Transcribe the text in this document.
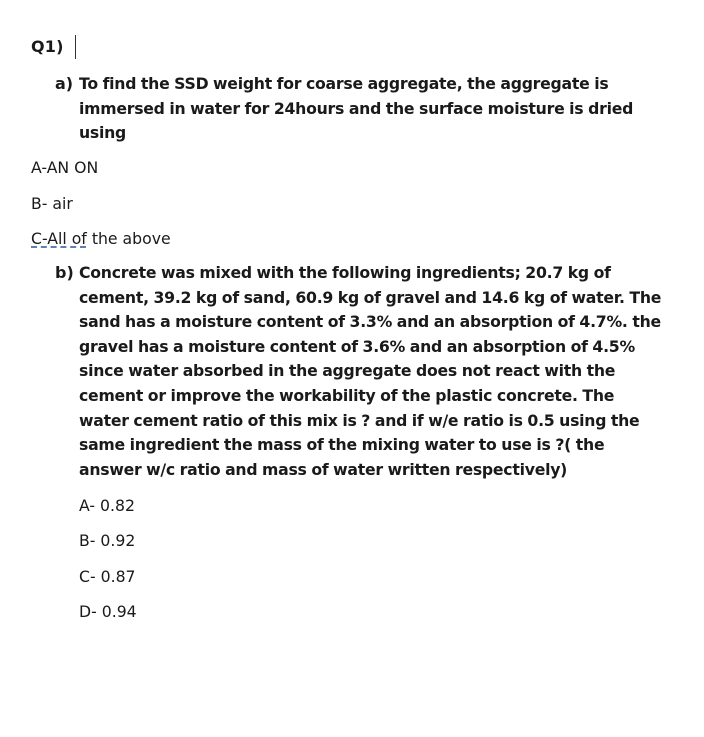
Q1)
a) To find the SSD weight for coarse aggregate, the aggregate is
immersed in water for 24hours and the surface moisture is dried
using
A-AN ON
B- air
C-All of the above
b) Concrete was mixed with the following ingredients; 20.7 kg of
cement, 39.2 kg of sand, 60.9 kg of gravel and 14.6 kg of water. The
sand has a moisture content of 3.3% and an absorption of 4.7%. the
gravel has a moisture content of 3.6% and an absorption of 4.5%
since water absorbed in the aggregate does not react with the
cement or improve the workability of the plastic concrete. The
water cement ratio of this mix is ? and if w/e ratio is 0.5 using the
same ingredient the mass of the mixing water to use is ?( the
answer w/c ratio and mass of water written respectively)
A- 0.82
B- 0.92
C- 0.87
D- 0.94
